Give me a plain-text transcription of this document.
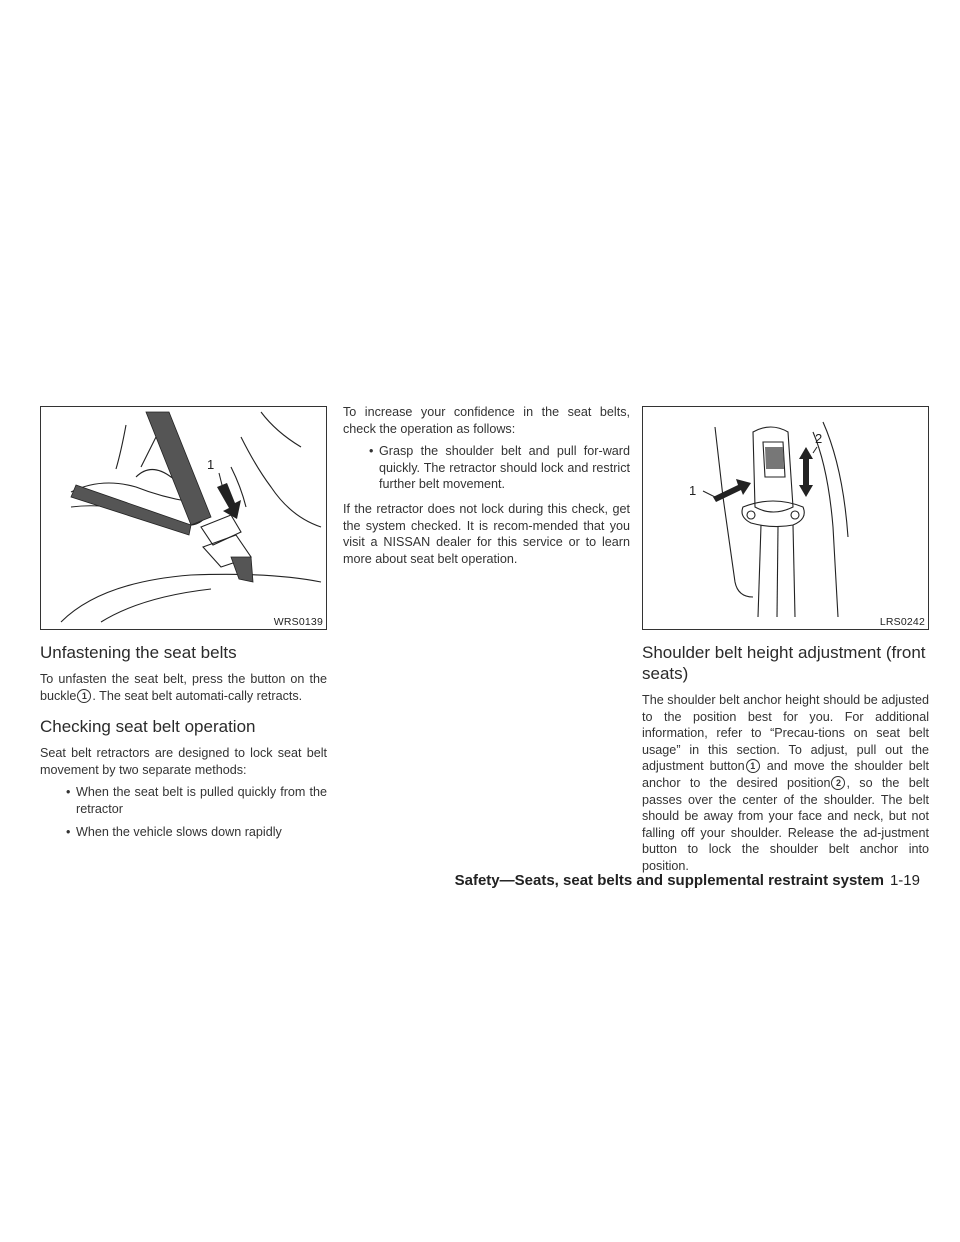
1
WRS0139
Unfastening the seat belts

To unfasten the seat belt, press the button on the buckle 1 . The seat belt automati-cally retracts.

Checking seat belt operation

Seat belt retractors are designed to lock seat belt movement by two separate methods:

• When the seat belt is pulled quickly from the retractor
• When the vehicle slows down rapidly

To increase your confidence in the seat belts, check the operation as follows:

• Grasp the shoulder belt and pull for-ward quickly. The retractor should lock and restrict further belt movement.

If the retractor does not lock during this check, get the system checked. It is recom-mended that you visit a NISSAN dealer for this service or to learn more about seat belt operation.

1
2
LRS0242
Shoulder belt height adjustment (front seats)

The shoulder belt anchor height should be adjusted to the position best for you. For additional information, refer to “Precau-tions on seat belt usage” in this section. To adjust, pull out the adjustment button 1 and move the shoulder belt anchor to the desired position 2 , so the belt passes over the center of the shoulder. The belt should be away from your face and neck, but not falling off your shoulder. Release the ad-justment button to lock the shoulder belt anchor into position.

Safety—Seats, seat belts and supplemental restraint system 1-19
